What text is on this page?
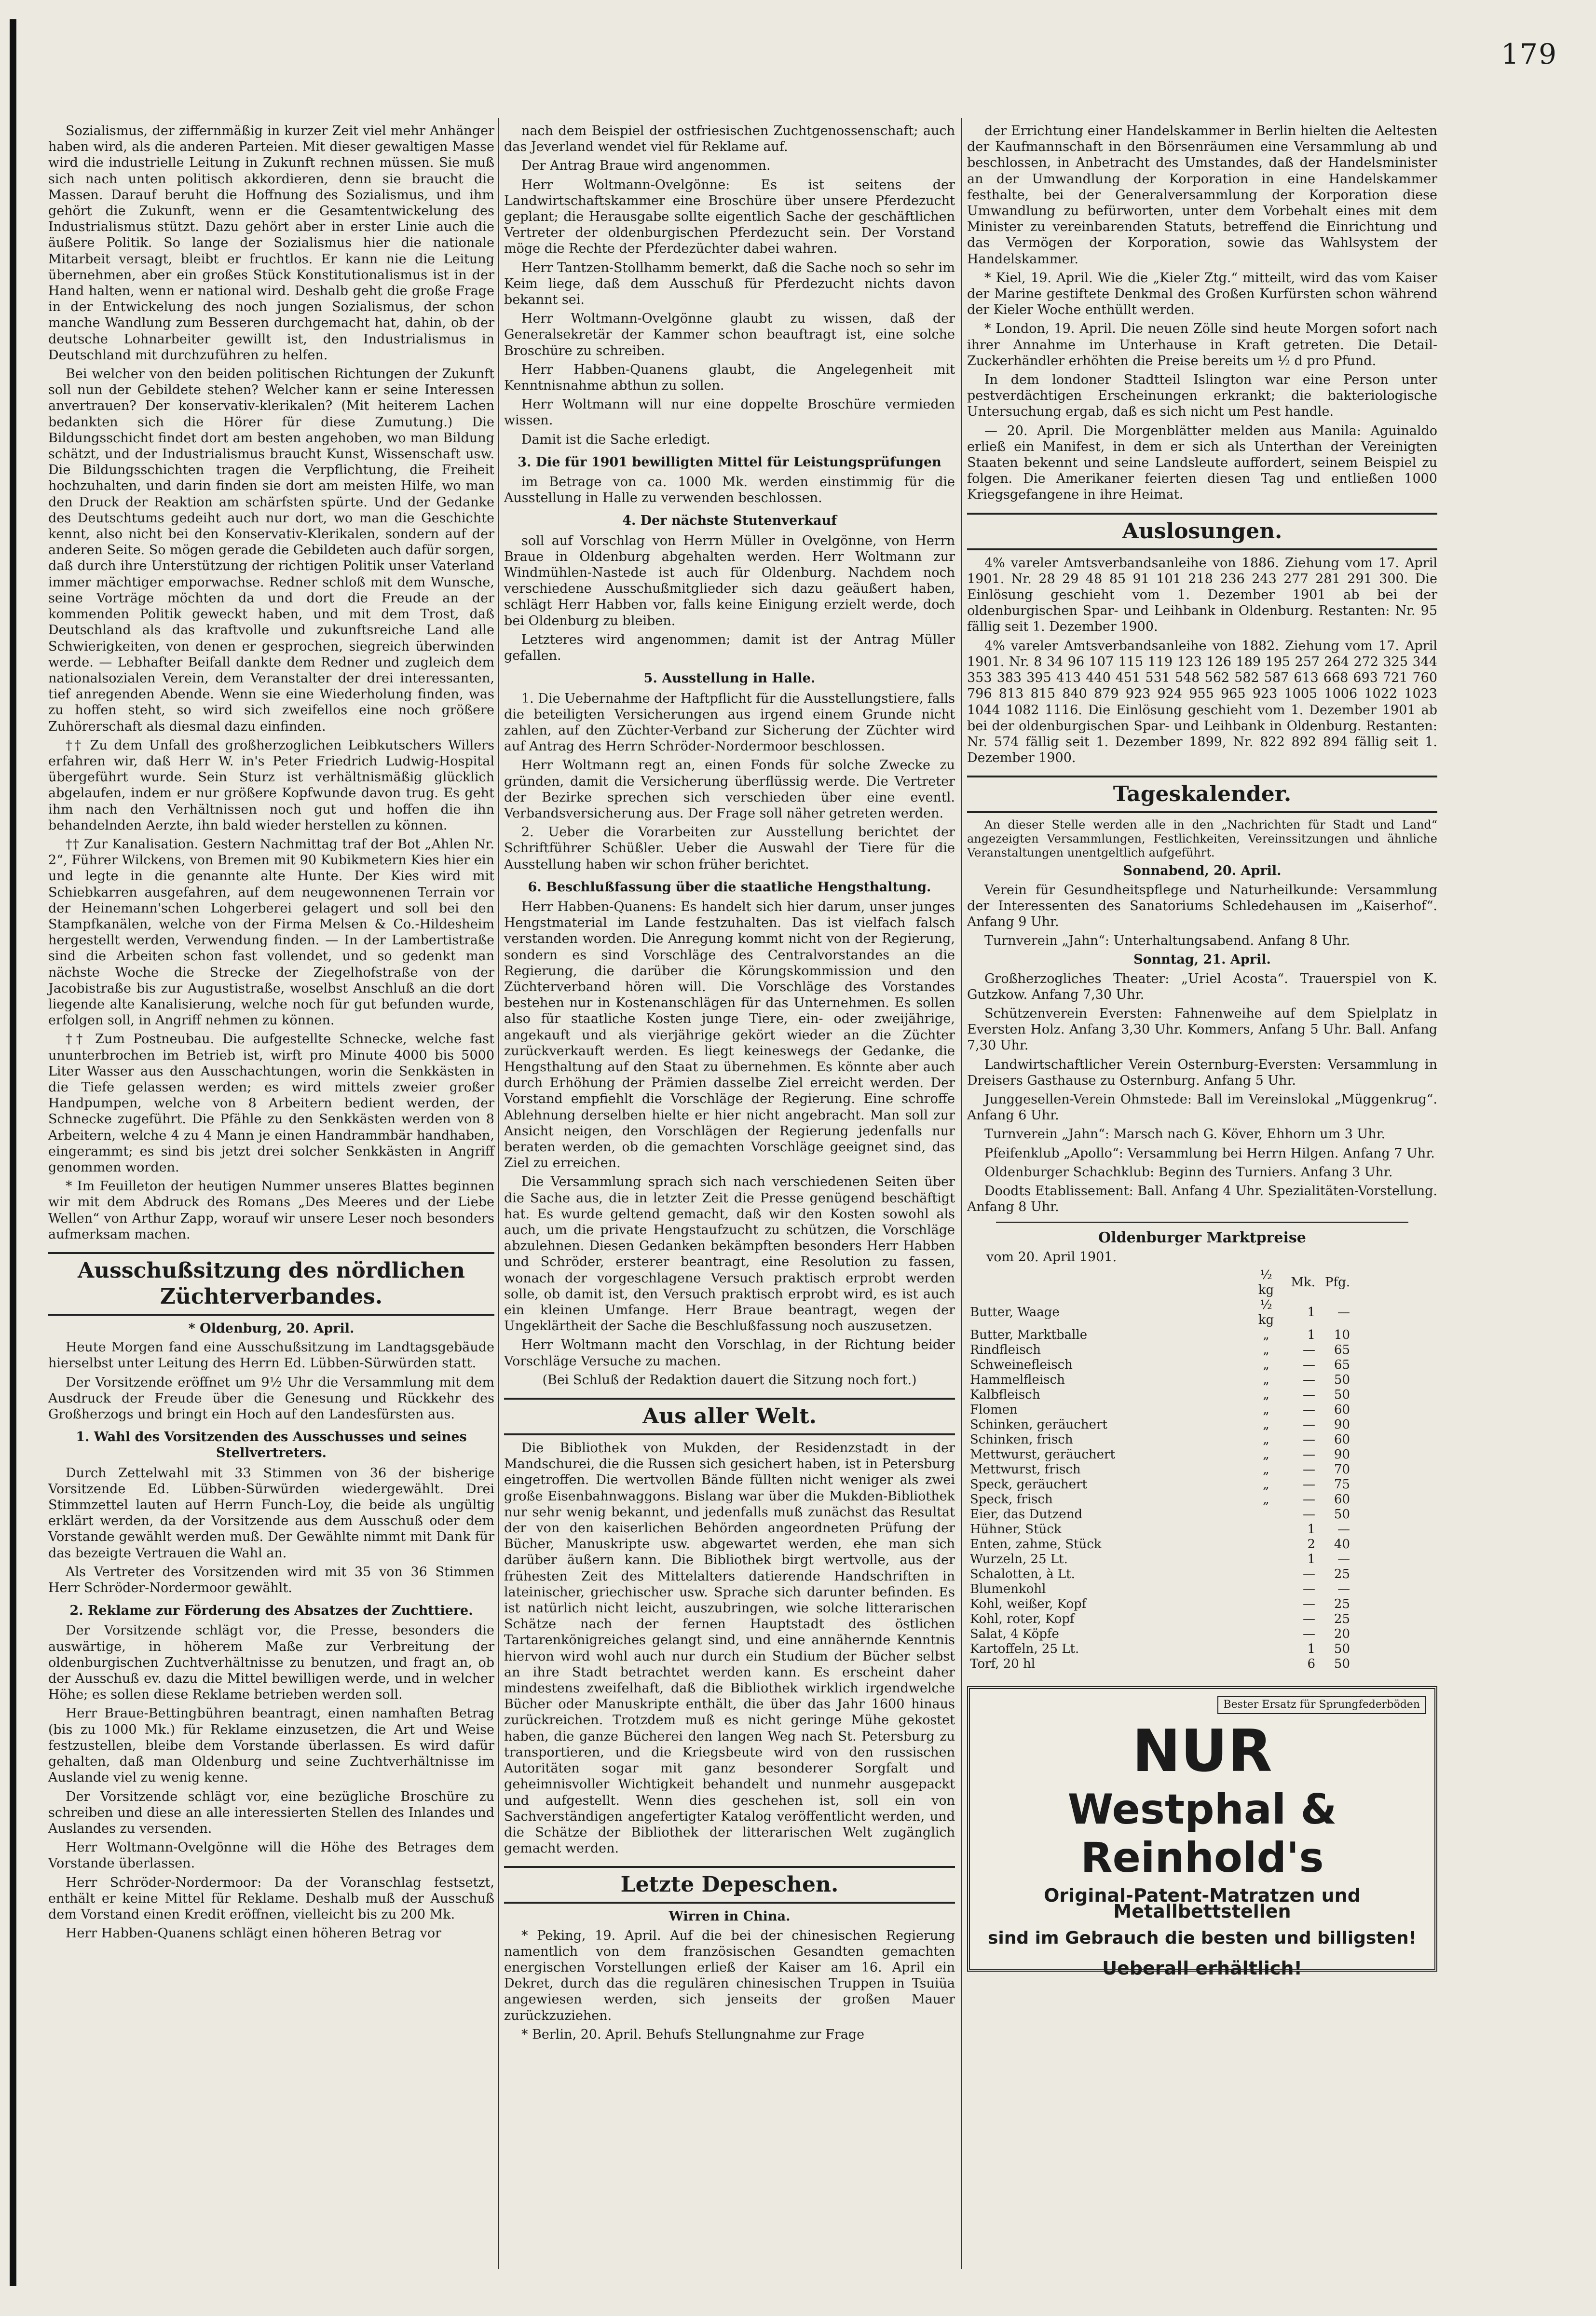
179

Sozialismus, der ziffernmäßig in kurzer Zeit viel mehr Anhänger haben wird, als die anderen Parteien. Mit dieser gewaltigen Masse wird die industrielle Leitung in Zukunft rechnen müssen. Sie muß sich nach unten politisch akkordieren, denn sie braucht die Massen. Darauf beruht die Hoffnung des Sozialismus, und ihm gehört die Zukunft, wenn er die Gesamtentwickelung des Industrialismus stützt. Dazu gehört aber in erster Linie auch die äußere Politik. So lange der Sozialismus hier die nationale Mitarbeit versagt, bleibt er fruchtlos. Er kann nie die Leitung übernehmen, aber ein großes Stück Konstitutionalismus ist in der Hand halten, wenn er national wird. Deshalb geht die große Frage in der Entwickelung des noch jungen Sozialismus, der schon manche Wandlung zum Besseren durchgemacht hat, dahin, ob der deutsche Lohnarbeiter gewillt ist, den Industrialismus in Deutschland mit durchzuführen zu helfen.

Bei welcher von den beiden politischen Richtungen der Zukunft soll nun der Gebildete stehen? Welcher kann er seine Interessen anvertrauen? Der konservativ-klerikalen? (Mit heiterem Lachen bedankten sich die Hörer für diese Zumutung.) Die Bildungsschicht findet dort am besten angehoben, wo man Bildung schätzt, und der Industrialismus braucht Kunst, Wissenschaft usw. Die Bildungsschichten tragen die Verpflichtung, die Freiheit hochzuhalten, und darin finden sie dort am meisten Hilfe, wo man den Druck der Reaktion am schärfsten spürte. Und der Gedanke des Deutschtums gedeiht auch nur dort, wo man die Geschichte kennt, also nicht bei den Konservativ-Klerikalen, sondern auf der anderen Seite. So mögen gerade die Gebildeten auch dafür sorgen, daß durch ihre Unterstützung der richtigen Politik unser Vaterland immer mächtiger emporwachse. Redner schloß mit dem Wunsche, seine Vorträge möchten da und dort die Freude an der kommenden Politik geweckt haben, und mit dem Trost, daß Deutschland als das kraftvolle und zukunftsreiche Land alle Schwierigkeiten, von denen er gesprochen, siegreich überwinden werde. — Lebhafter Beifall dankte dem Redner und zugleich dem nationalsozialen Verein, dem Veranstalter der drei interessanten, tief anregenden Abende. Wenn sie eine Wiederholung finden, was zu hoffen steht, so wird sich zweifellos eine noch größere Zuhörerschaft als diesmal dazu einfinden.

†† Zu dem Unfall des großherzoglichen Leibkutschers Willers erfahren wir, daß Herr W. in's Peter Friedrich Ludwig-Hospital übergeführt wurde. Sein Sturz ist verhältnismäßig glücklich abgelaufen, indem er nur größere Kopfwunde davon trug. Es geht ihm nach den Verhältnissen noch gut und hoffen die ihn behandelnden Aerzte, ihn bald wieder herstellen zu können.

†† Zur Kanalisation. Gestern Nachmittag traf der Bot „Ahlen Nr. 2“, Führer Wilckens, von Bremen mit 90 Kubikmetern Kies hier ein und legte in die genannte alte Hunte. Der Kies wird mit Schiebkarren ausgefahren, auf dem neugewonnenen Terrain vor der Heinemann'schen Lohgerberei gelagert und soll bei den Stampfkanälen, welche von der Firma Melsen & Co.-Hildesheim hergestellt werden, Verwendung finden. — In der Lambertistraße sind die Arbeiten schon fast vollendet, und so gedenkt man nächste Woche die Strecke der Ziegelhofstraße von der Jacobistraße bis zur Augustistraße, woselbst Anschluß an die dort liegende alte Kanalisierung, welche noch für gut befunden wurde, erfolgen soll, in Angriff nehmen zu können.

†† Zum Postneubau. Die aufgestellte Schnecke, welche fast ununterbrochen im Betrieb ist, wirft pro Minute 4000 bis 5000 Liter Wasser aus den Ausschachtungen, worin die Senkkästen in die Tiefe gelassen werden; es wird mittels zweier großer Handpumpen, welche von 8 Arbeitern bedient werden, der Schnecke zugeführt. Die Pfähle zu den Senkkästen werden von 8 Arbeitern, welche 4 zu 4 Mann je einen Handrammbär handhaben, eingerammt; es sind bis jetzt drei solcher Senkkästen in Angriff genommen worden.

* Im Feuilleton der heutigen Nummer unseres Blattes beginnen wir mit dem Abdruck des Romans „Des Meeres und der Liebe Wellen“ von Arthur Zapp, worauf wir unsere Leser noch besonders aufmerksam machen.

Ausschußsitzung des nördlichen Züchterverbandes.
* Oldenburg, 20. April.

Heute Morgen fand eine Ausschußsitzung im Landtagsgebäude hierselbst unter Leitung des Herrn Ed. Lübben-Sürwürden statt.

Der Vorsitzende eröffnet um 9½ Uhr die Versammlung mit dem Ausdruck der Freude über die Genesung und Rückkehr des Großherzogs und bringt ein Hoch auf den Landesfürsten aus.

1. Wahl des Vorsitzenden des Ausschusses und seines Stellvertreters.

Durch Zettelwahl mit 33 Stimmen von 36 der bisherige Vorsitzende Ed. Lübben-Sürwürden wiedergewählt. Drei Stimmzettel lauten auf Herrn Funch-Loy, die beide als ungültig erklärt werden, da der Vorsitzende aus dem Ausschuß oder dem Vorstande gewählt werden muß. Der Gewählte nimmt mit Dank für das bezeigte Vertrauen die Wahl an.

Als Vertreter des Vorsitzenden wird mit 35 von 36 Stimmen Herr Schröder-Nordermoor gewählt.

2. Reklame zur Förderung des Absatzes der Zuchttiere.

Der Vorsitzende schlägt vor, die Presse, besonders die auswärtige, in höherem Maße zur Verbreitung der oldenburgischen Zuchtverhältnisse zu benutzen, und fragt an, ob der Ausschuß ev. dazu die Mittel bewilligen werde, und in welcher Höhe; es sollen diese Reklame betrieben werden soll.

Herr Braue-Bettingbühren beantragt, einen namhaften Betrag (bis zu 1000 Mk.) für Reklame einzusetzen, die Art und Weise festzustellen, bleibe dem Vorstande überlassen. Es wird dafür gehalten, daß man Oldenburg und seine Zuchtverhältnisse im Auslande viel zu wenig kenne.

Der Vorsitzende schlägt vor, eine bezügliche Broschüre zu schreiben und diese an alle interessierten Stellen des Inlandes und Auslandes zu versenden.

Herr Woltmann-Ovelgönne will die Höhe des Betrages dem Vorstande überlassen.

Herr Schröder-Nordermoor: Da der Voranschlag festsetzt, enthält er keine Mittel für Reklame. Deshalb muß der Ausschuß dem Vorstand einen Kredit eröffnen, vielleicht bis zu 200 Mk.

Herr Habben-Quanens schlägt einen höheren Betrag vor

nach dem Beispiel der ostfriesischen Zuchtgenossenschaft; auch das Jeverland wendet viel für Reklame auf.

Der Antrag Braue wird angenommen.

Herr Woltmann-Ovelgönne: Es ist seitens der Landwirtschaftskammer eine Broschüre über unsere Pferdezucht geplant; die Herausgabe sollte eigentlich Sache der geschäftlichen Vertreter der oldenburgischen Pferdezucht sein. Der Vorstand möge die Rechte der Pferdezüchter dabei wahren.

Herr Tantzen-Stollhamm bemerkt, daß die Sache noch so sehr im Keim liege, daß dem Ausschuß für Pferdezucht nichts davon bekannt sei.

Herr Woltmann-Ovelgönne glaubt zu wissen, daß der Generalsekretär der Kammer schon beauftragt ist, eine solche Broschüre zu schreiben.

Herr Habben-Quanens glaubt, die Angelegenheit mit Kenntnisnahme abthun zu sollen.

Herr Woltmann will nur eine doppelte Broschüre vermieden wissen.

Damit ist die Sache erledigt.

3. Die für 1901 bewilligten Mittel für Leistungsprüfungen

im Betrage von ca. 1000 Mk. werden einstimmig für die Ausstellung in Halle zu verwenden beschlossen.

4. Der nächste Stutenverkauf

soll auf Vorschlag von Herrn Müller in Ovelgönne, von Herrn Braue in Oldenburg abgehalten werden. Herr Woltmann zur Windmühlen-Nastede ist auch für Oldenburg. Nachdem noch verschiedene Ausschußmitglieder sich dazu geäußert haben, schlägt Herr Habben vor, falls keine Einigung erzielt werde, doch bei Oldenburg zu bleiben.

Letzteres wird angenommen; damit ist der Antrag Müller gefallen.

5. Ausstellung in Halle.

1. Die Uebernahme der Haftpflicht für die Ausstellungstiere, falls die beteiligten Versicherungen aus irgend einem Grunde nicht zahlen, auf den Züchter-Verband zur Sicherung der Züchter wird auf Antrag des Herrn Schröder-Nordermoor beschlossen.

Herr Woltmann regt an, einen Fonds für solche Zwecke zu gründen, damit die Versicherung überflüssig werde. Die Vertreter der Bezirke sprechen sich verschieden über eine eventl. Verbandsversicherung aus. Der Frage soll näher getreten werden.

2. Ueber die Vorarbeiten zur Ausstellung berichtet der Schriftführer Schüßler. Ueber die Auswahl der Tiere für die Ausstellung haben wir schon früher berichtet.

6. Beschlußfassung über die staatliche Hengsthaltung.

Herr Habben-Quanens: Es handelt sich hier darum, unser junges Hengstmaterial im Lande festzuhalten. Das ist vielfach falsch verstanden worden. Die Anregung kommt nicht von der Regierung, sondern es sind Vorschläge des Centralvorstandes an die Regierung, die darüber die Körungskommission und den Züchterverband hören will. Die Vorschläge des Vorstandes bestehen nur in Kostenanschlägen für das Unternehmen. Es sollen also für staatliche Kosten junge Tiere, ein- oder zweijährige, angekauft und als vierjährige gekört wieder an die Züchter zurückverkauft werden. Es liegt keineswegs der Gedanke, die Hengsthaltung auf den Staat zu übernehmen. Es könnte aber auch durch Erhöhung der Prämien dasselbe Ziel erreicht werden. Der Vorstand empfiehlt die Vorschläge der Regierung. Eine schroffe Ablehnung derselben hielte er hier nicht angebracht. Man soll zur Ansicht neigen, den Vorschlägen der Regierung jedenfalls nur beraten werden, ob die gemachten Vorschläge geeignet sind, das Ziel zu erreichen.

Die Versammlung sprach sich nach verschiedenen Seiten über die Sache aus, die in letzter Zeit die Presse genügend beschäftigt hat. Es wurde geltend gemacht, daß wir den Kosten sowohl als auch, um die private Hengstaufzucht zu schützen, die Vorschläge abzulehnen. Diesen Gedanken bekämpften besonders Herr Habben und Schröder, ersterer beantragt, eine Resolution zu fassen, wonach der vorgeschlagene Versuch praktisch erprobt werden solle, ob damit ist, den Versuch praktisch erprobt wird, es ist auch ein kleinen Umfange. Herr Braue beantragt, wegen der Ungeklärtheit der Sache die Beschlußfassung noch auszusetzen.

Herr Woltmann macht den Vorschlag, in der Richtung beider Vorschläge Versuche zu machen.

(Bei Schluß der Redaktion dauert die Sitzung noch fort.)

Aus aller Welt.

Die Bibliothek von Mukden, der Residenzstadt in der Mandschurei, die die Russen sich gesichert haben, ist in Petersburg eingetroffen. Die wertvollen Bände füllten nicht weniger als zwei große Eisenbahnwaggons. Bislang war über die Mukden-Bibliothek nur sehr wenig bekannt, und jedenfalls muß zunächst das Resultat der von den kaiserlichen Behörden angeordneten Prüfung der Bücher, Manuskripte usw. abgewartet werden, ehe man sich darüber äußern kann. Die Bibliothek birgt wertvolle, aus der frühesten Zeit des Mittelalters datierende Handschriften in lateinischer, griechischer usw. Sprache sich darunter befinden. Es ist natürlich nicht leicht, auszubringen, wie solche litterarischen Schätze nach der fernen Hauptstadt des östlichen Tartarenkönigreiches gelangt sind, und eine annähernde Kenntnis hiervon wird wohl auch nur durch ein Studium der Bücher selbst an ihre Stadt betrachtet werden kann. Es erscheint daher mindestens zweifelhaft, daß die Bibliothek wirklich irgendwelche Bücher oder Manuskripte enthält, die über das Jahr 1600 hinaus zurückreichen. Trotzdem muß es nicht geringe Mühe gekostet haben, die ganze Bücherei den langen Weg nach St. Petersburg zu transportieren, und die Kriegsbeute wird von den russischen Autoritäten sogar mit ganz besonderer Sorgfalt und geheimnisvoller Wichtigkeit behandelt und nunmehr ausgepackt und aufgestellt. Wenn dies geschehen ist, soll ein von Sachverständigen angefertigter Katalog veröffentlicht werden, und die Schätze der Bibliothek der litterarischen Welt zugänglich gemacht werden.

Letzte Depeschen.
Wirren in China.

* Peking, 19. April. Auf die bei der chinesischen Regierung namentlich von dem französischen Gesandten gemachten energischen Vorstellungen erließ der Kaiser am 16. April ein Dekret, durch das die regulären chinesischen Truppen in Tsuiüa angewiesen werden, sich jenseits der großen Mauer zurückzuziehen.

* Berlin, 20. April. Behufs Stellungnahme zur Frage

der Errichtung einer Handelskammer in Berlin hielten die Aeltesten der Kaufmannschaft in den Börsenräumen eine Versammlung ab und beschlossen, in Anbetracht des Umstandes, daß der Handelsminister an der Umwandlung der Korporation in eine Handelskammer festhalte, bei der Generalversammlung der Korporation diese Umwandlung zu befürworten, unter dem Vorbehalt eines mit dem Minister zu vereinbarenden Statuts, betreffend die Einrichtung und das Vermögen der Korporation, sowie das Wahlsystem der Handelskammer.

* Kiel, 19. April. Wie die „Kieler Ztg.“ mitteilt, wird das vom Kaiser der Marine gestiftete Denkmal des Großen Kurfürsten schon während der Kieler Woche enthüllt werden.

* London, 19. April. Die neuen Zölle sind heute Morgen sofort nach ihrer Annahme im Unterhause in Kraft getreten. Die Detail-Zuckerhändler erhöhten die Preise bereits um ½ d pro Pfund.

In dem londoner Stadtteil Islington war eine Person unter pestverdächtigen Erscheinungen erkrankt; die bakteriologische Untersuchung ergab, daß es sich nicht um Pest handle.

— 20. April. Die Morgenblätter melden aus Manila: Aguinaldo erließ ein Manifest, in dem er sich als Unterthan der Vereinigten Staaten bekennt und seine Landsleute auffordert, seinem Beispiel zu folgen. Die Amerikaner feierten diesen Tag und entließen 1000 Kriegsgefangene in ihre Heimat.

Auslosungen.

4% vareler Amtsverbandsanleihe von 1886. Ziehung vom 17. April 1901. Nr. 28 29 48 85 91 101 218 236 243 277 281 291 300. Die Einlösung geschieht vom 1. Dezember 1901 ab bei der oldenburgischen Spar- und Leihbank in Oldenburg. Restanten: Nr. 95 fällig seit 1. Dezember 1900.

4% vareler Amtsverbandsanleihe von 1882. Ziehung vom 17. April 1901. Nr. 8 34 96 107 115 119 123 126 189 195 257 264 272 325 344 353 383 395 413 440 451 531 548 562 582 587 613 668 693 721 760 796 813 815 840 879 923 924 955 965 923 1005 1006 1022 1023 1044 1082 1116. Die Einlösung geschieht vom 1. Dezember 1901 ab bei der oldenburgischen Spar- und Leihbank in Oldenburg. Restanten: Nr. 574 fällig seit 1. Dezember 1899, Nr. 822 892 894 fällig seit 1. Dezember 1900.

Tageskalender.

An dieser Stelle werden alle in den „Nachrichten für Stadt und Land“ angezeigten Versammlungen, Festlichkeiten, Vereinssitzungen und ähnliche Veranstaltungen unentgeltlich aufgeführt.

Sonnabend, 20. April.

Verein für Gesundheitspflege und Naturheilkunde: Versammlung der Interessenten des Sanatoriums Schledehausen im „Kaiserhof“. Anfang 9 Uhr.

Turnverein „Jahn“: Unterhaltungsabend. Anfang 8 Uhr.

Sonntag, 21. April.

Großherzogliches Theater: „Uriel Acosta“. Trauerspiel von K. Gutzkow. Anfang 7,30 Uhr.

Schützenverein Eversten: Fahnenweihe auf dem Spielplatz in Eversten Holz. Anfang 3,30 Uhr. Kommers, Anfang 5 Uhr. Ball. Anfang 7,30 Uhr.

Landwirtschaftlicher Verein Osternburg-Eversten: Versammlung in Dreisers Gasthause zu Osternburg. Anfang 5 Uhr.

Junggesellen-Verein Ohmstede: Ball im Vereinslokal „Müggenkrug“. Anfang 6 Uhr.

Turnverein „Jahn“: Marsch nach G. Köver, Ehhorn um 3 Uhr.

Pfeifenklub „Apollo“: Versammlung bei Herrn Hilgen. Anfang 7 Uhr.

Oldenburger Schachklub: Beginn des Turniers. Anfang 3 Uhr.

Doodts Etablissement: Ball. Anfang 4 Uhr. Spezialitäten-Vorstellung. Anfang 8 Uhr.

Oldenburger Marktpreise
vom 20. April 1901.
	½ kg	Mk.	Pfg.
Butter, Waage	½ kg	1	—
Butter, Marktballe	„	1	10
Rindfleisch	„	—	65
Schweinefleisch	„	—	65
Hammelfleisch	„	—	50
Kalbfleisch	„	—	50
Flomen	„	—	60
Schinken, geräuchert	„	—	90
Schinken, frisch	„	—	60
Mettwurst, geräuchert	„	—	90
Mettwurst, frisch	„	—	70
Speck, geräuchert	„	—	75
Speck, frisch	„	—	60
Eier, das Dutzend		—	50
Hühner, Stück		1	—
Enten, zahme, Stück		2	40
Wurzeln, 25 Lt.		1	—
Schalotten, à Lt.		—	25
Blumenkohl		—	—
Kohl, weißer, Kopf		—	25
Kohl, roter, Kopf		—	25
Salat, 4 Köpfe		—	20
Kartoffeln, 25 Lt.		1	50
Torf, 20 hl		6	50
Bester Ersatz für Sprungfederböden
NUR
Westphal & Reinhold's
Original-Patent-Matratzen und Metallbettstellen
sind im Gebrauch die besten und billigsten!
Ueberall erhältlich!
